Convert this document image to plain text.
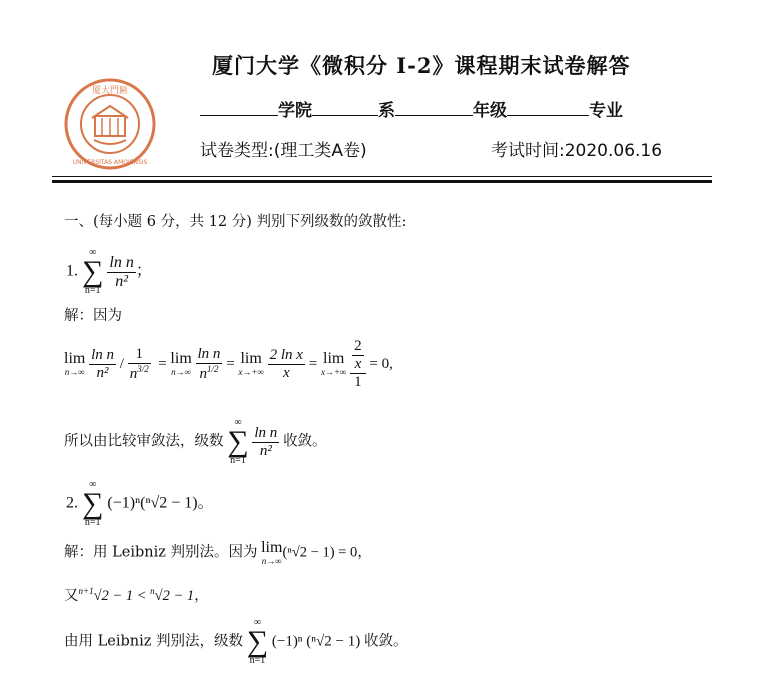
厦大門匾
UNIVERSITAS AMOIENSIS
厦门大学《微积分 I-2》课程期末试卷解答
学院	系	年级	专业
试卷类型:(理工类A卷)	考试时间:2020.06.16
一、(每小题 6 分，共 12 分) 判别下列级数的敛散性:
1.
∞
∑
n=1
$\frac{\text{ln n}}{\text{n²}}$ ；
解：因为
lim
n→∞
$\frac{\text{ln n}}{\text{n²}} / \frac{1}{n^{3/2}} = \lim$
n→∞
$\frac{\text{ln n}}{n^{1/2}} = \lim$
x→+∞
$\frac{\text{2 ln x}}{x} = \lim$
x→+∞
$\frac{\frac{2}{x}}{1} = 0$,
所以由比较审敛法，级数
∞
∑
n=1

$\frac{\text{ln n}}{\text{n²}}$ 收敛。
2.
∞
∑
n=1
(−1)ⁿ(ⁿ√2 − 1)。
解：用 Leibniz 判别法。因为 lim
n→∞
(ⁿ√2 − 1) = 0，
又$^{n+1}$√2 − 1 < $^n$√2 − 1，
由用 Leibniz 判别法，级数
∞
∑
n=1
(−1)ⁿ (ⁿ√2 − 1) 收敛。
